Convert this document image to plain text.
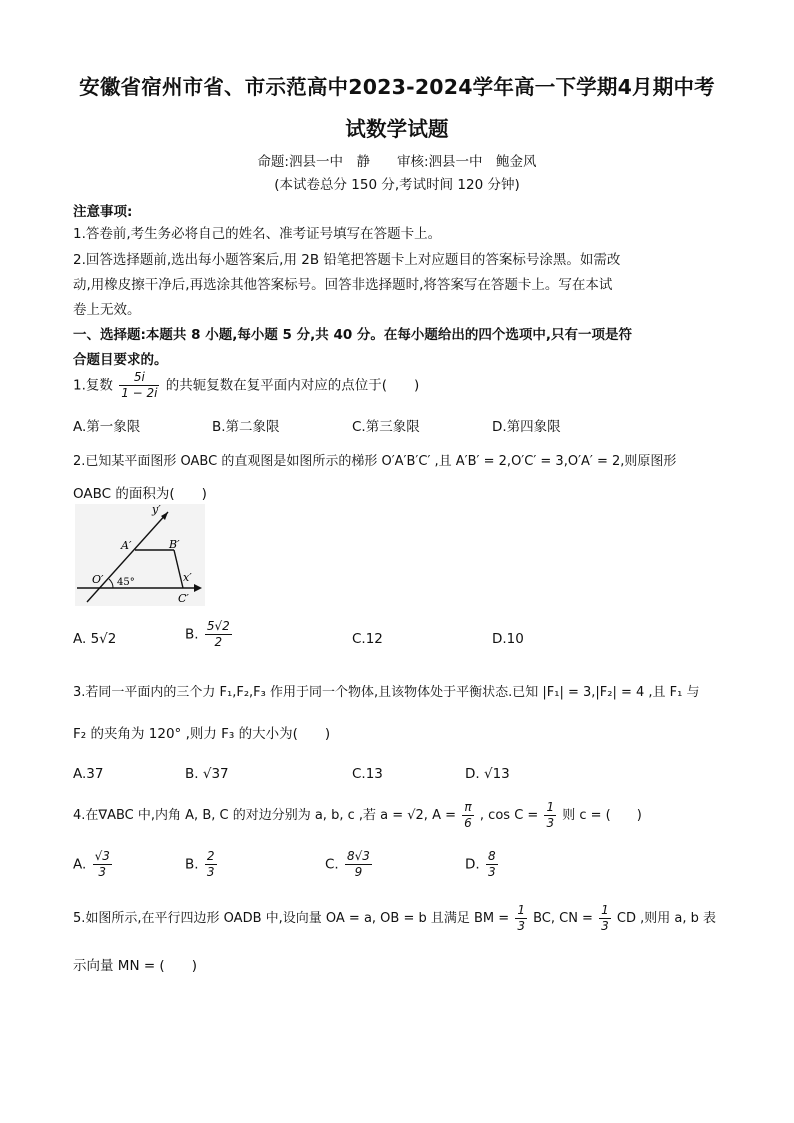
安徽省宿州市省、市示范高中2023-2024学年高一下学期4月期中考
试数学试题
命题:泗县一中　静　　审核:泗县一中　鲍金风
(本试卷总分 150 分,考试时间 120 分钟)
注意事项:
1.答卷前,考生务必将自己的姓名、准考证号填写在答题卡上。
2.回答选择题前,选出每小题答案后,用 2B 铅笔把答题卡上对应题目的答案标号涂黑。如需改
动,用橡皮擦干净后,再选涂其他答案标号。回答非选择题时,将答案写在答题卡上。写在本试
卷上无效。
一、选择题:本题共 8 小题,每小题 5 分,共 40 分。在每小题给出的四个选项中,只有一项是符
合题目要求的。
1.复数 $\frac{5i}{1 - 2i}$ 的共轭复数在复平面内对应的点位于(　　)
A.第一象限	B.第二象限	C.第三象限	D.第四象限
2.已知某平面图形 OABC 的直观图是如图所示的梯形 O′A′B′C′ ,且 A′B′ = 2,O′C′ = 3,O′A′ = 2,则原图形
OABC 的面积为(　　)
y′
x′
O′
A′	B′
C′
45°
A. 5√2	B. $\frac{5√2}{2}$	C.12	D.10
3.若同一平面内的三个力 F₁,F₂,F₃ 作用于同一个物体,且该物体处于平衡状态.已知 |F₁| = 3,|F₂| = 4 ,且 F₁ 与
F₂ 的夹角为 120° ,则力 F₃ 的大小为(　　)
A.37	B. √37	C.13	D. √13
4.在∇ABC 中,内角 A, B, C 的对边分别为 a, b, c ,若 a = √2, $A = \frac{\pi}{6}$ , $\cos C = \frac{1}{3}$ 则 c = (　　)
A. $\frac{√3}{3}$	B. $\frac{2}{3}$	C. $\frac{8√3}{9}$	D. $\frac{8}{3}$
5.如图所示,在平行四边形 OADB 中,设向量 OA = a, OB = b 且满足 BM = $\frac{1}{3}$ BC, CN = $\frac{1}{3}$ CD ,则用 a, b 表
示向量 MN = (　　)
